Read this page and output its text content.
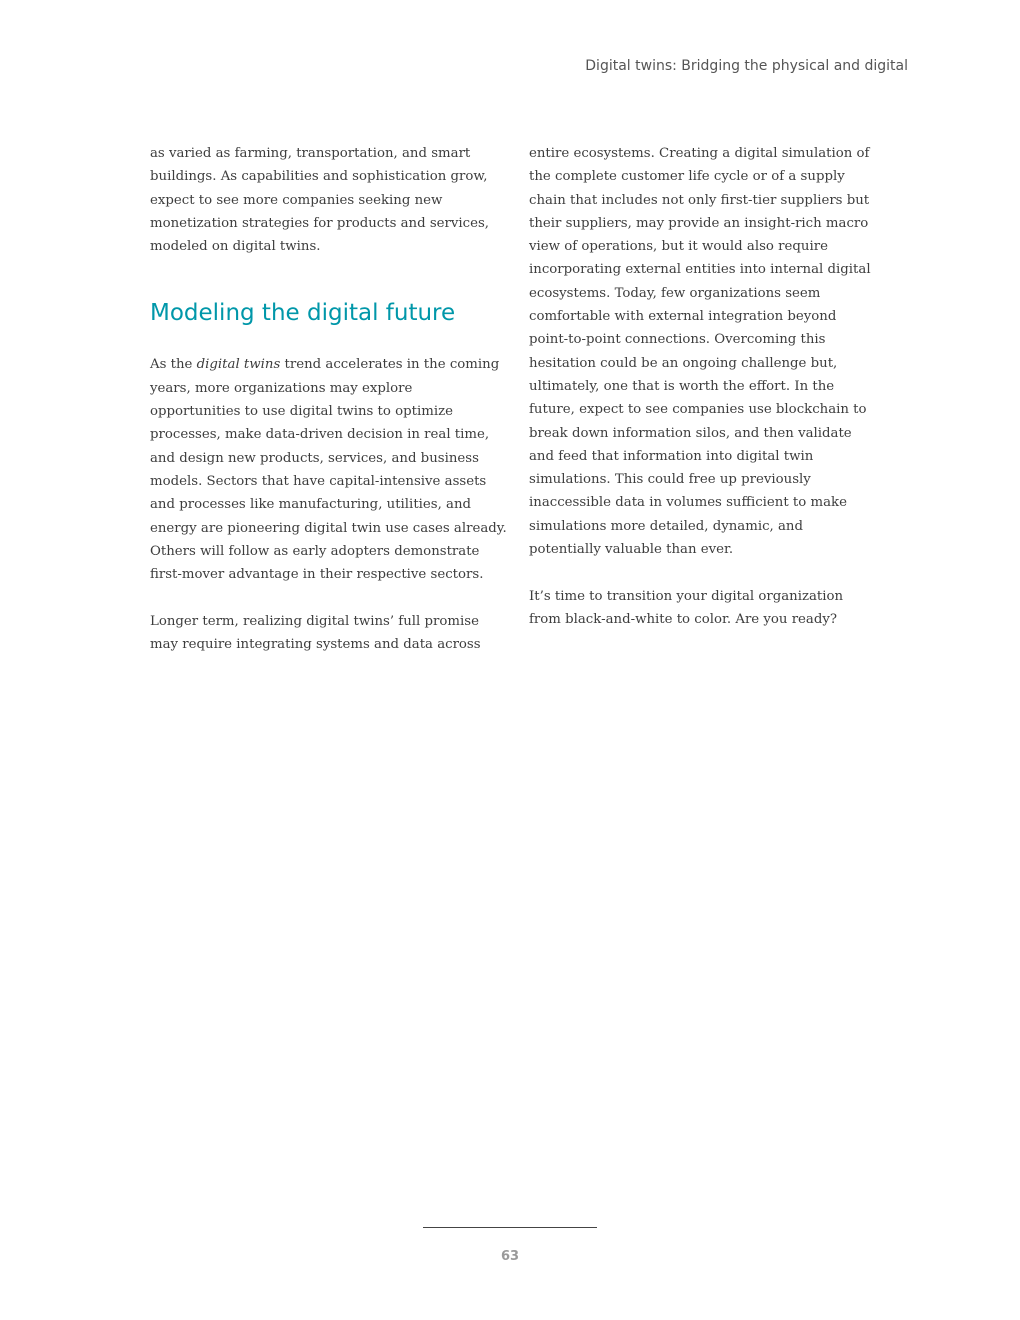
Digital twins: Bridging the physical and digital
as varied as farming, transportation, and smart
buildings. As capabilities and sophistication grow,
expect to see more companies seeking new
monetization strategies for products and services,
modeled on digital twins.
Modeling the digital future
As the digital twins trend accelerates in the coming
years, more organizations may explore
opportunities to use digital twins to optimize
processes, make data-driven decision in real time,
and design new products, services, and business
models. Sectors that have capital-intensive assets
and processes like manufacturing, utilities, and
energy are pioneering digital twin use cases already.
Others will follow as early adopters demonstrate
first-mover advantage in their respective sectors.
Longer term, realizing digital twins’ full promise
may require integrating systems and data across
entire ecosystems. Creating a digital simulation of
the complete customer life cycle or of a supply
chain that includes not only first-tier suppliers but
their suppliers, may provide an insight-rich macro
view of operations, but it would also require
incorporating external entities into internal digital
ecosystems. Today, few organizations seem
comfortable with external integration beyond
point-to-point connections. Overcoming this
hesitation could be an ongoing challenge but,
ultimately, one that is worth the effort. In the
future, expect to see companies use blockchain to
break down information silos, and then validate
and feed that information into digital twin
simulations. This could free up previously
inaccessible data in volumes sufficient to make
simulations more detailed, dynamic, and
potentially valuable than ever.
It’s time to transition your digital organization
from black-and-white to color. Are you ready?
63
